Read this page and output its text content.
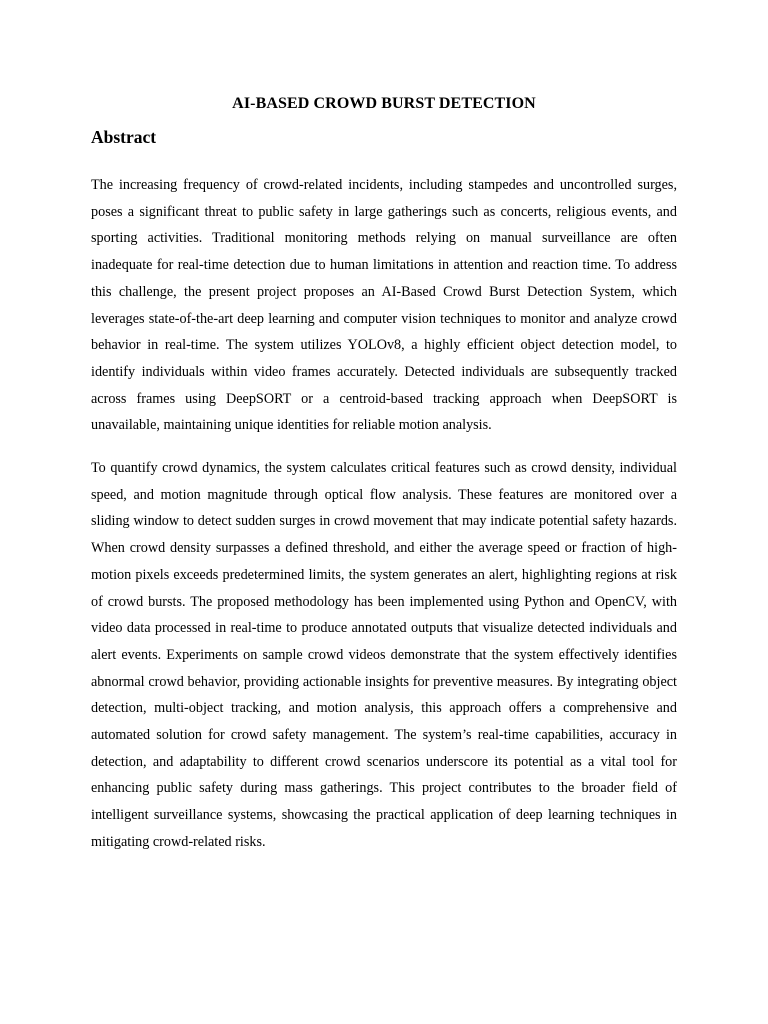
AI-BASED CROWD BURST DETECTION
Abstract

The increasing frequency of crowd-related incidents, including stampedes and uncontrolled surges, poses a significant threat to public safety in large gatherings such as concerts, religious events, and sporting activities. Traditional monitoring methods relying on manual surveillance are often inadequate for real-time detection due to human limitations in attention and reaction time. To address this challenge, the present project proposes an AI-Based Crowd Burst Detection System, which leverages state-of-the-art deep learning and computer vision techniques to monitor and analyze crowd behavior in real-time. The system utilizes YOLOv8, a highly efficient object detection model, to identify individuals within video frames accurately. Detected individuals are subsequently tracked across frames using DeepSORT or a centroid-based tracking approach when DeepSORT is unavailable, maintaining unique identities for reliable motion analysis.

To quantify crowd dynamics, the system calculates critical features such as crowd density, individual speed, and motion magnitude through optical flow analysis. These features are monitored over a sliding window to detect sudden surges in crowd movement that may indicate potential safety hazards. When crowd density surpasses a defined threshold, and either the average speed or fraction of high-motion pixels exceeds predetermined limits, the system generates an alert, highlighting regions at risk of crowd bursts. The proposed methodology has been implemented using Python and OpenCV, with video data processed in real-time to produce annotated outputs that visualize detected individuals and alert events. Experiments on sample crowd videos demonstrate that the system effectively identifies abnormal crowd behavior, providing actionable insights for preventive measures. By integrating object detection, multi-object tracking, and motion analysis, this approach offers a comprehensive and automated solution for crowd safety management. The system’s real-time capabilities, accuracy in detection, and adaptability to different crowd scenarios underscore its potential as a vital tool for enhancing public safety during mass gatherings. This project contributes to the broader field of intelligent surveillance systems, showcasing the practical application of deep learning techniques in mitigating crowd-related risks.
